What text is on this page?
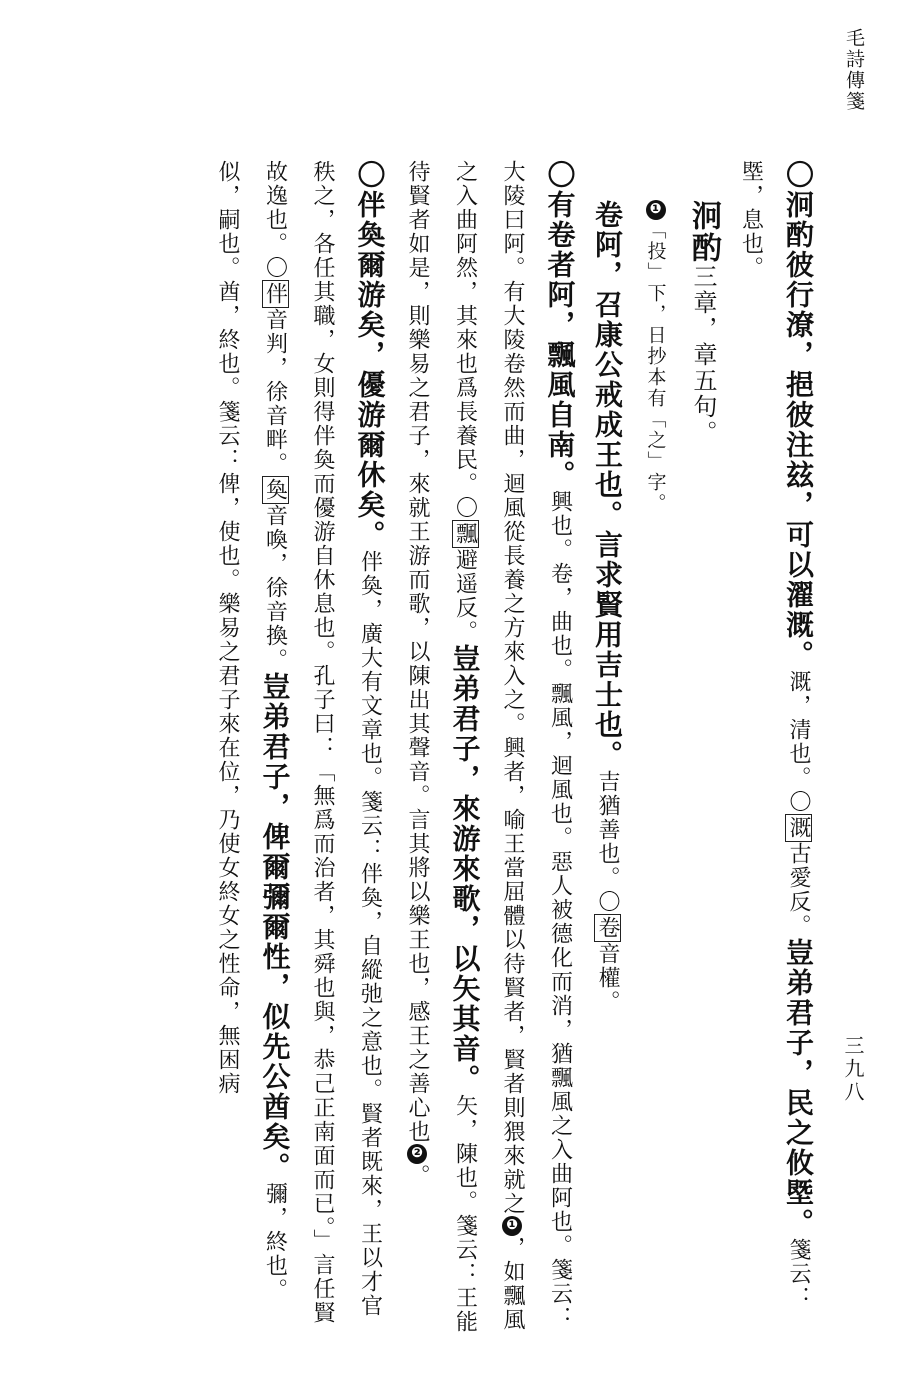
毛詩傳箋
三九八

〇泂酌彼行潦，挹彼注玆，可以濯溉。溉，清也。〇溉古愛反。豈弟君子，民之攸塈。箋云：塈，息也。

泂酌三章，章五句。

❶「投」下，日抄本有「之」字。

卷阿，召康公戒成王也。言求賢用吉士也。吉猶善也。〇卷音權。

〇有卷者阿，飄風自南。興也。卷，曲也。飄風，迴風也。惡人被德化而消，猶飄風之入曲阿也。箋云：大陵曰阿。有大陵卷然而曲，迴風從長養之方來入之。興者，喻王當屈體以待賢者，賢者則猥來就之❶，如飄風之入曲阿然，其來也爲長養民。〇飄避遥反。豈弟君子，來游來歌，以矢其音。矢，陳也。箋云：王能待賢者如是，則樂易之君子，來就王游而歌，以陳出其聲音。言其將以樂王也，感王之善心也❷。

〇伴奐爾游矣，優游爾休矣。伴奐，廣大有文章也。箋云：伴奐，自縱弛之意也。賢者既來，王以才官秩之，各任其職，女則得伴奐而優游自休息也。孔子曰：「無爲而治者，其舜也與，恭己正南面而已。」言任賢故逸也。〇伴音判，徐音畔。奐音喚，徐音換。豈弟君子，俾爾彌爾性，似先公酋矣。彌，終也。似，嗣也。酋，終也。箋云：俾，使也。樂易之君子來在位，乃使女終女之性命，無困病
